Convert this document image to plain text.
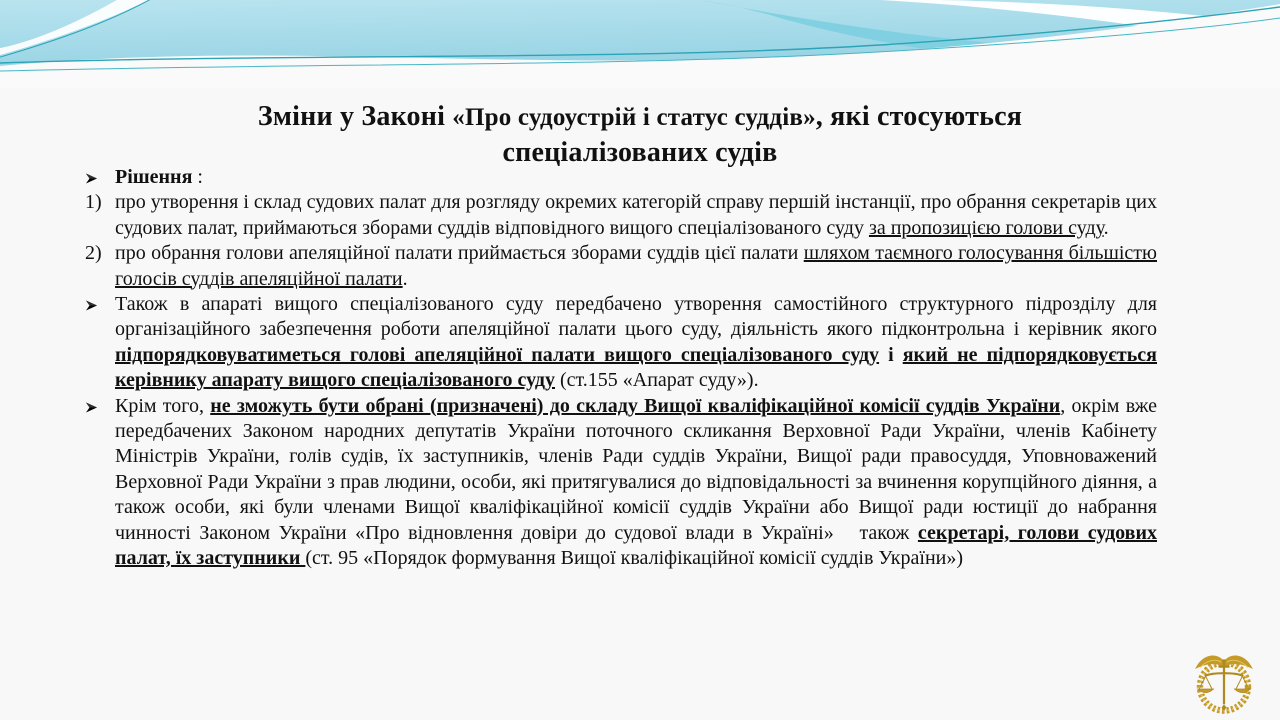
Зміни у Законі «Про судоустрій і статус суддів», які стосуються
спеціалізованих судів
Рішення :
1) про утворення і склад судових палат для розгляду окремих категорій справу першій інстанції, про обрання секретарів цих судових палат, приймаються зборами суддів відповідного вищого спеціалізованого суду за пропозицією голови суду.
2) про обрання голови апеляційної палати приймається зборами суддів цієї палати шляхом таємного голосування більшістю голосів суддів апеляційної палати.
Також в апараті вищого спеціалізованого суду передбачено утворення самостійного структурного підрозділу для організаційного забезпечення роботи апеляційної палати цього суду, діяльність якого підконтрольна і керівник якого підпорядковуватиметься голові апеляційної палати вищого спеціалізованого суду і який не підпорядковується керівнику апарату вищого спеціалізованого суду (ст.155 «Апарат суду»).
Крім того, не зможуть бути обрані (призначені) до складу Вищої кваліфікаційної комісії суддів України, окрім вже передбачених Законом народних депутатів України поточного скликання Верховної Ради України, членів Кабінету Міністрів України, голів судів, їх заступників, членів Ради суддів України, Вищої ради правосуддя, Уповноважений Верховної Ради України з прав людини, особи, які притягувалися до відповідальності за вчинення корупційного діяння, а також особи, які були членами Вищої кваліфікаційної комісії суддів України або Вищої ради юстиції до набрання чинності Законом України «Про відновлення довіри до судової влади в Україні»   також секретарі, голови судових палат, їх заступники (ст. 95 «Порядок формування Вищої кваліфікаційної комісії суддів України»)
